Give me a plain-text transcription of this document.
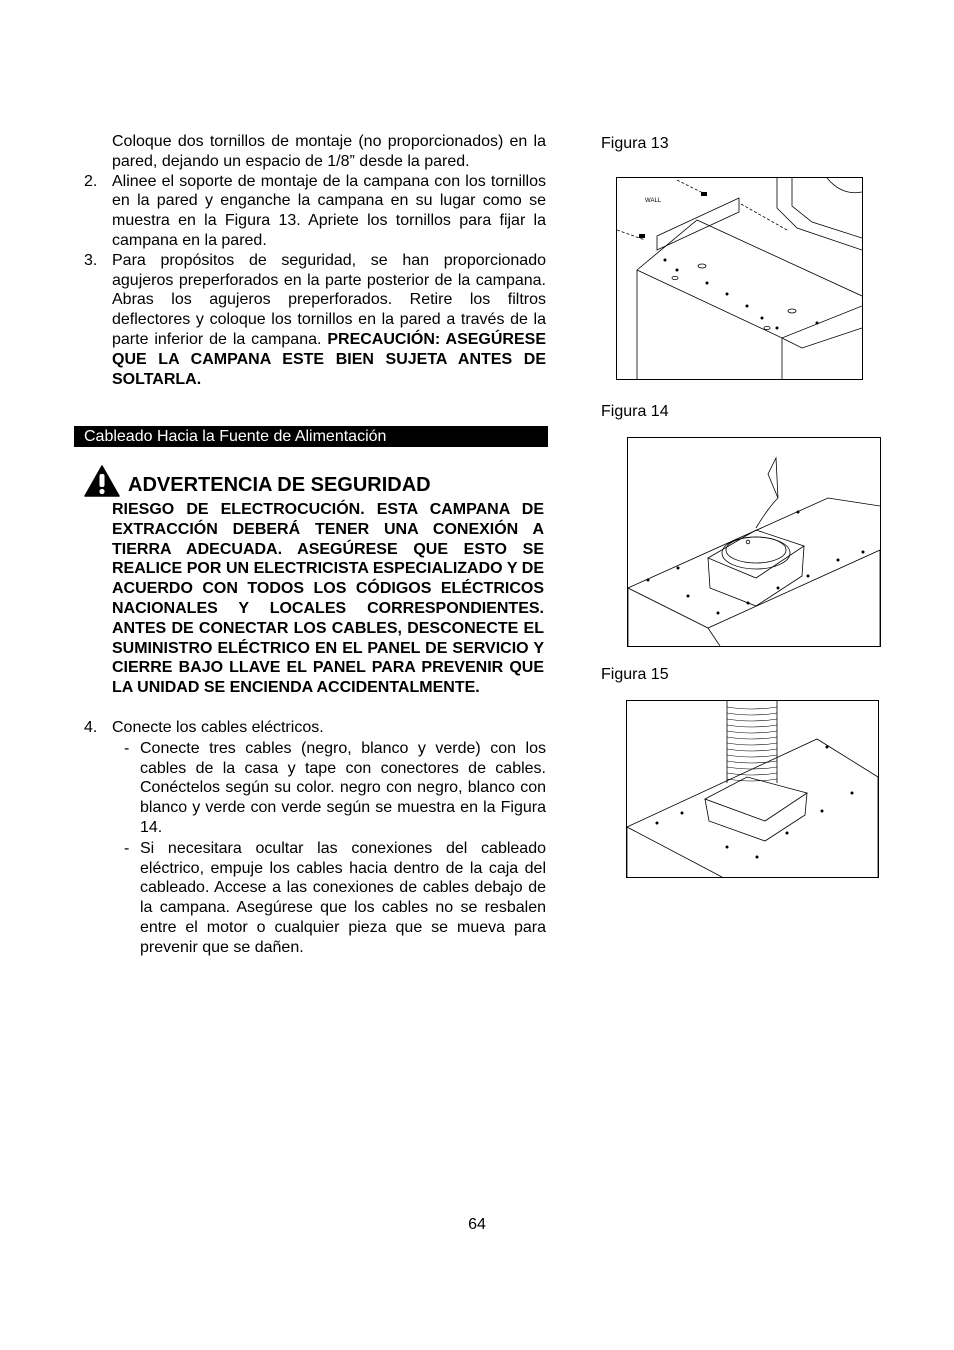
Coloque dos tornillos de montaje (no proporcionados) en la pared, dejando un espacio de 1/8” desde la pared.
2. Alinee el soporte de montaje de la campana con los tornillos en la pared y enganche la campana en su lugar como se muestra en la Figura 13. Apriete los tornillos para fijar la campana en la pared.
3. Para propósitos de seguridad, se han proporcionado agujeros preperforados en la parte posterior de la campana. Abras los agujeros preperforados. Retire los filtros deflectores y coloque los tornillos en la pared a través de la parte inferior de la campana. PRECAUCIÓN: ASEGÚRESE QUE LA CAMPANA ESTE BIEN SUJETA ANTES DE SOLTARLA.
Cableado Hacia la Fuente de Alimentación
ADVERTENCIA DE SEGURIDAD
RIESGO DE ELECTROCUCIÓN. ESTA CAMPANA DE EXTRACCIÓN DEBERÁ TENER UNA CONEXIÓN A TIERRA ADECUADA. ASEGÚRESE QUE ESTO SE REALICE POR UN ELECTRICISTA ESPECIALIZADO Y DE ACUERDO CON TODOS LOS CÓDIGOS ELÉCTRICOS NACIONALES Y LOCALES CORRESPONDIENTES. ANTES DE CONECTAR LOS CABLES, DESCONECTE EL SUMINISTRO ELÉCTRICO EN EL PANEL DE SERVICIO Y CIERRE BAJO LLAVE EL PANEL PARA PREVENIR QUE LA UNIDAD SE ENCIENDA ACCIDENTALMENTE.
4. Conecte los cables eléctricos.
- Conecte tres cables (negro, blanco y verde) con los cables de la casa y tape con conectores de cables. Conéctelos según su color. negro con negro, blanco con blanco y verde con verde según se muestra en la Figura 14.
- Si necesitara ocultar las conexiones del cableado eléctrico, empuje los cables hacia dentro de la caja del cableado. Accese a las conexiones de cables debajo de la campana. Asegúrese que los cables no se resbalen entre el motor o cualquier pieza que se mueva para prevenir que se dañen.
Figura 13
WALL
Figura 14
Figura 15
64
